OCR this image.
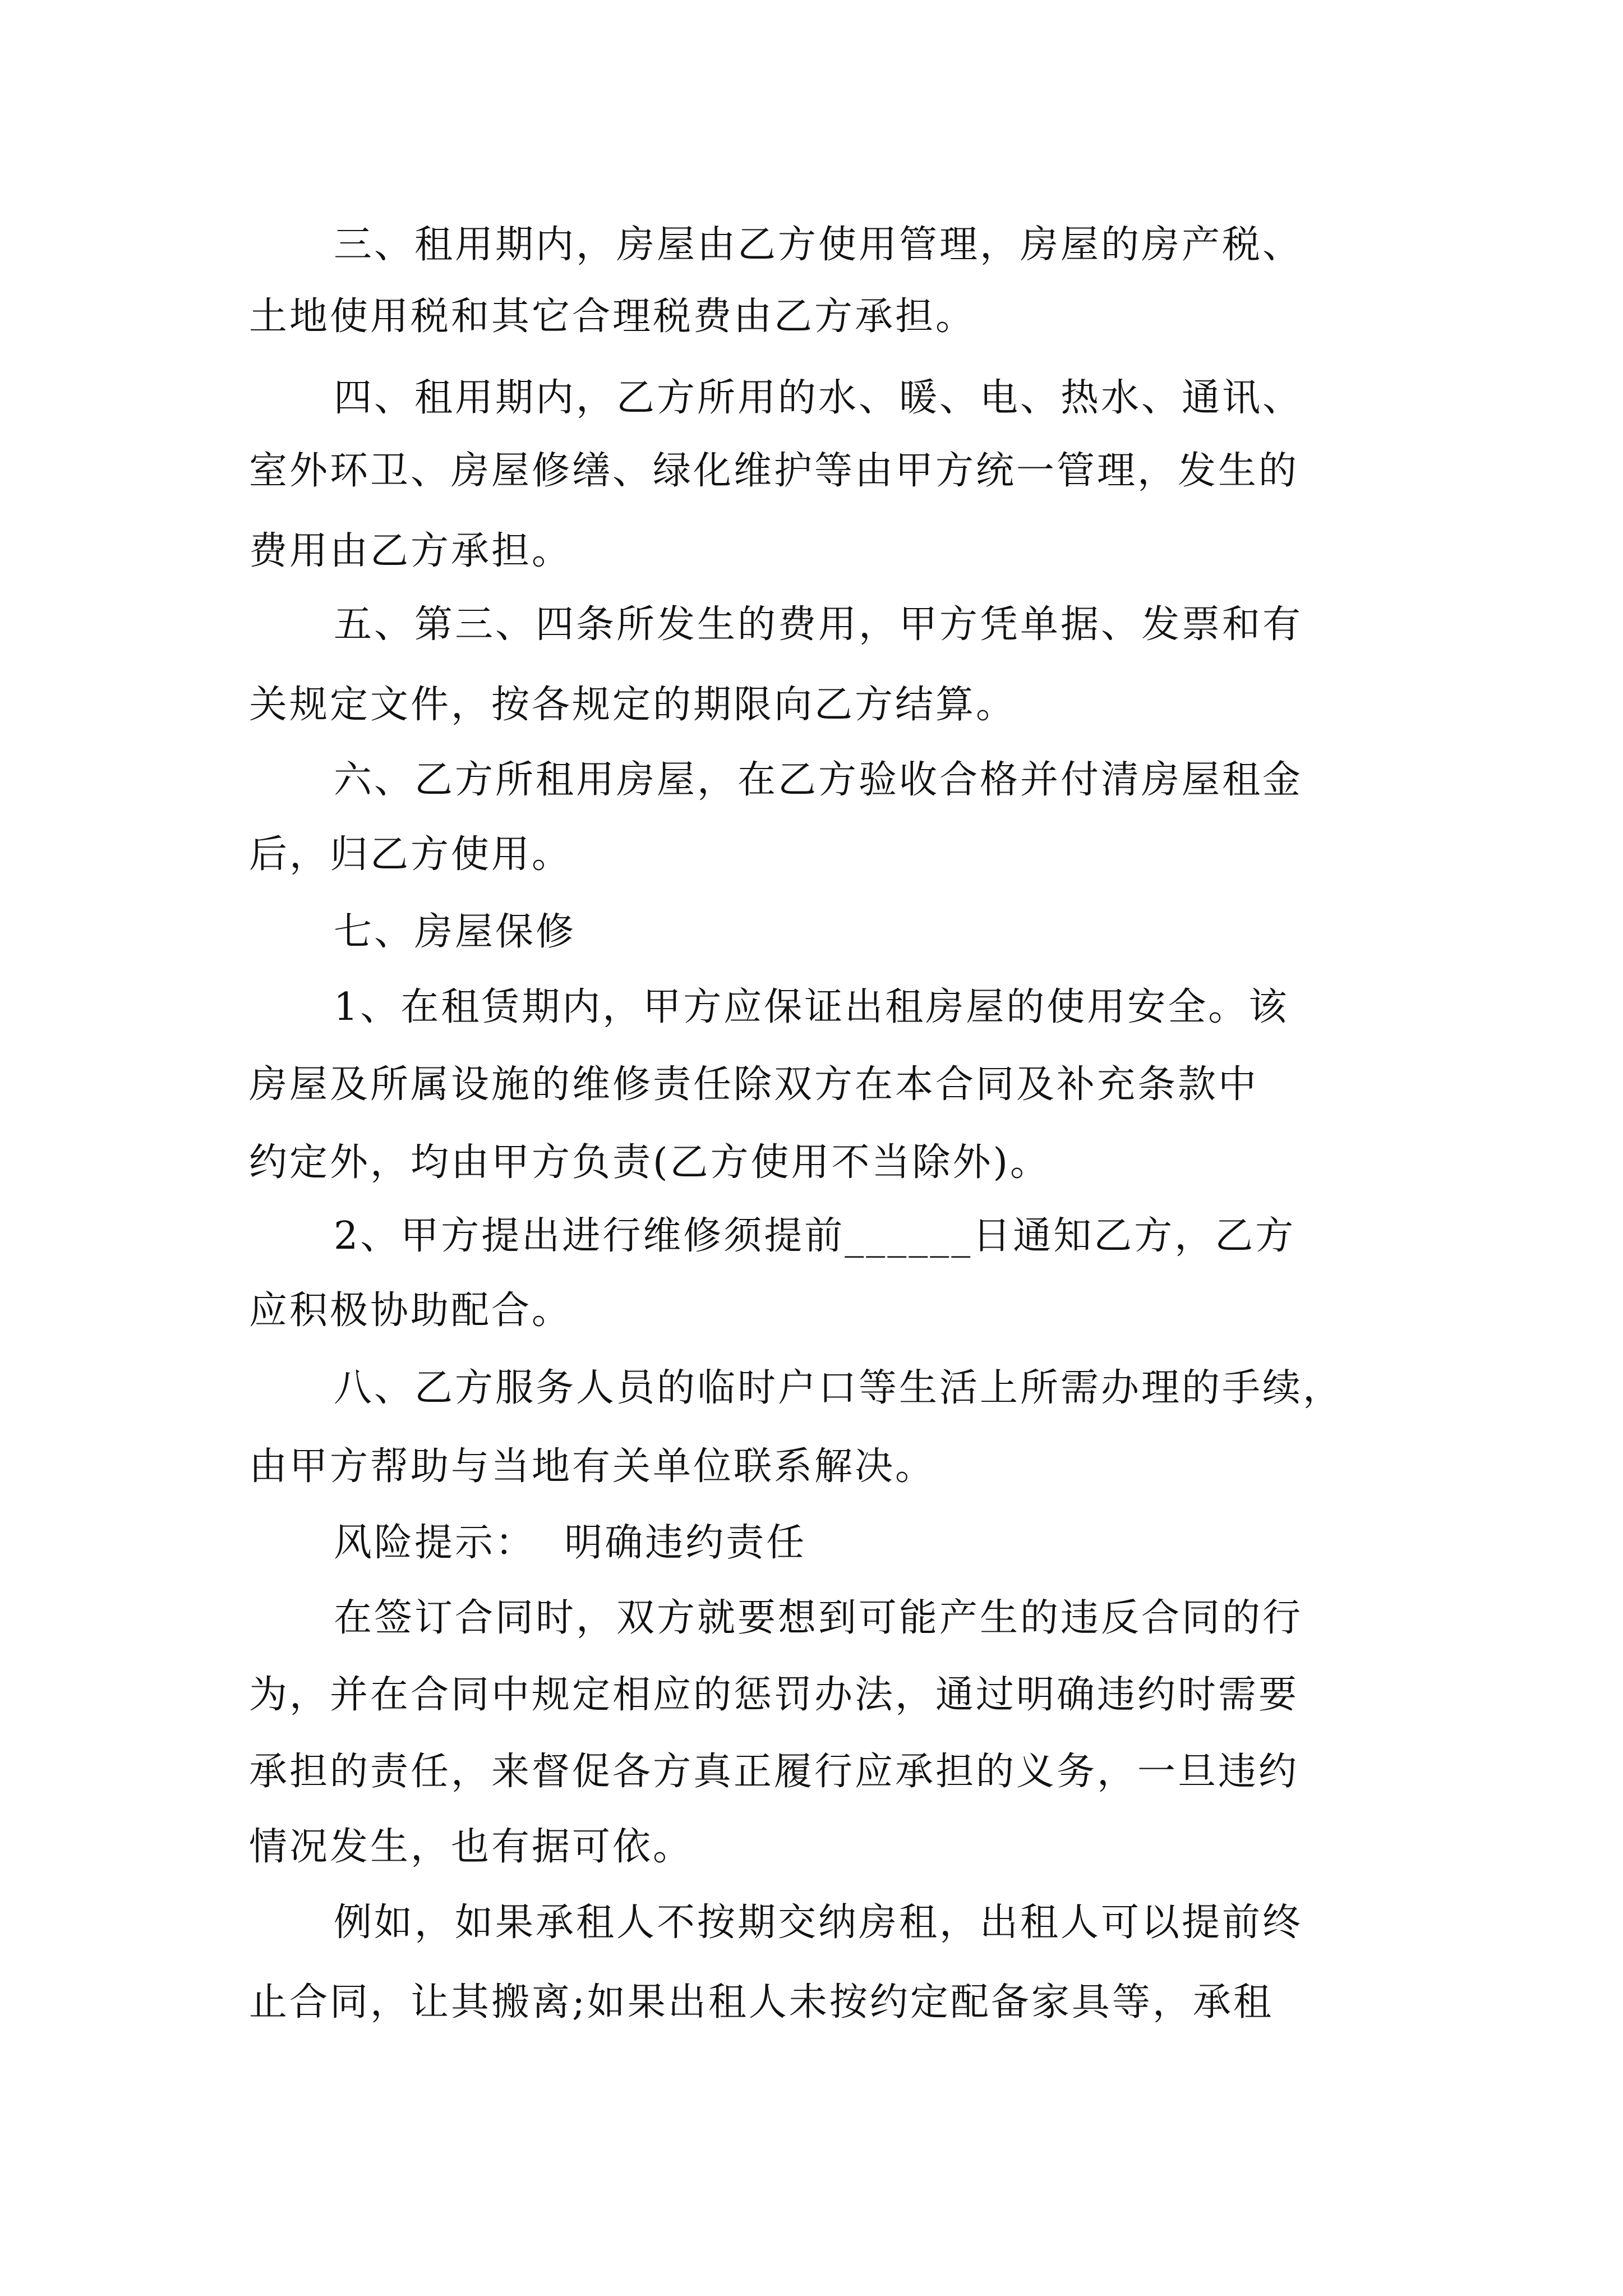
三、租用期内，房屋由乙方使用管理，房屋的房产税、

土地使用税和其它合理税费由乙方承担。

四、租用期内，乙方所用的水、暖、电、热水、通讯、

室外环卫、房屋修缮、绿化维护等由甲方统一管理，发生的

费用由乙方承担。

五、第三、四条所发生的费用，甲方凭单据、发票和有

关规定文件，按各规定的期限向乙方结算。

六、乙方所租用房屋，在乙方验收合格并付清房屋租金

后，归乙方使用。

七、房屋保修

1、在租赁期内，甲方应保证出租房屋的使用安全。该

房屋及所属设施的维修责任除双方在本合同及补充条款中

约定外，均由甲方负责(乙方使用不当除外)。

2、甲方提出进行维修须提前______日通知乙方，乙方

应积极协助配合。

八、乙方服务人员的临时户口等生活上所需办理的手续，

由甲方帮助与当地有关单位联系解决。

风险提示：  明确违约责任

在签订合同时，双方就要想到可能产生的违反合同的行

为，并在合同中规定相应的惩罚办法，通过明确违约时需要

承担的责任，来督促各方真正履行应承担的义务，一旦违约

情况发生，也有据可依。

例如，如果承租人不按期交纳房租，出租人可以提前终

止合同，让其搬离;如果出租人未按约定配备家具等，承租
